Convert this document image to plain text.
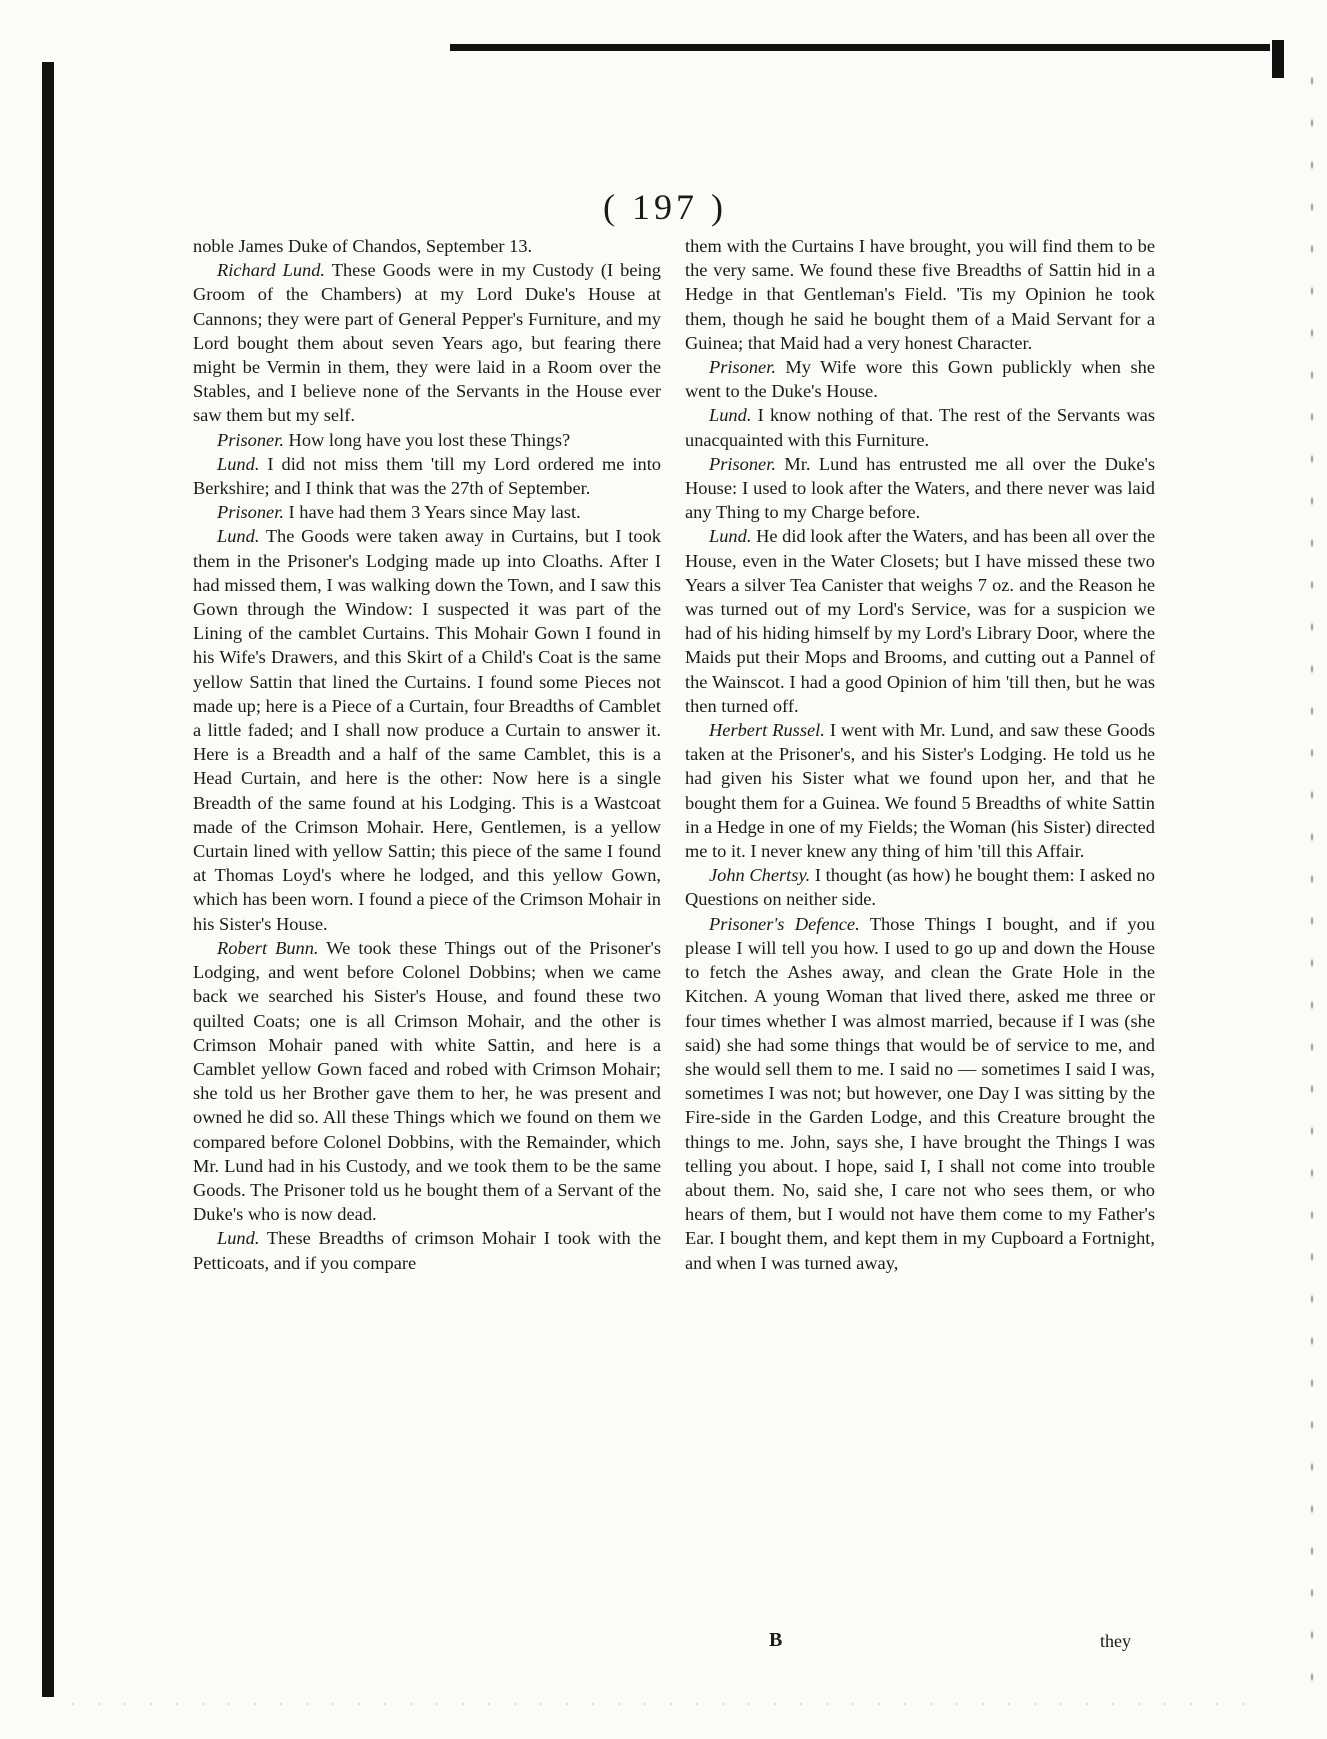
( 197 )

noble James Duke of Chandos, September 13.

Richard Lund. These Goods were in my Custody (I being Groom of the Chambers) at my Lord Duke's House at Cannons; they were part of General Pepper's Furniture, and my Lord bought them about seven Years ago, but fearing there might be Vermin in them, they were laid in a Room over the Stables, and I believe none of the Servants in the House ever saw them but my self.

Prisoner. How long have you lost these Things?

Lund. I did not miss them 'till my Lord ordered me into Berkshire; and I think that was the 27th of September.

Prisoner. I have had them 3 Years since May last.

Lund. The Goods were taken away in Curtains, but I took them in the Prisoner's Lodging made up into Cloaths. After I had missed them, I was walking down the Town, and I saw this Gown through the Window: I suspected it was part of the Lining of the camblet Curtains. This Mohair Gown I found in his Wife's Drawers, and this Skirt of a Child's Coat is the same yellow Sattin that lined the Curtains. I found some Pieces not made up; here is a Piece of a Curtain, four Breadths of Camblet a little faded; and I shall now produce a Curtain to answer it. Here is a Breadth and a half of the same Camblet, this is a Head Curtain, and here is the other: Now here is a single Breadth of the same found at his Lodging. This is a Wastcoat made of the Crimson Mohair. Here, Gentlemen, is a yellow Curtain lined with yellow Sattin; this piece of the same I found at Thomas Loyd's where he lodged, and this yellow Gown, which has been worn. I found a piece of the Crimson Mohair in his Sister's House.

Robert Bunn. We took these Things out of the Prisoner's Lodging, and went before Colonel Dobbins; when we came back we searched his Sister's House, and found these two quilted Coats; one is all Crimson Mohair, and the other is Crimson Mohair paned with white Sattin, and here is a Camblet yellow Gown faced and robed with Crimson Mohair; she told us her Brother gave them to her, he was present and owned he did so. All these Things which we found on them we compared before Colonel Dobbins, with the Remainder, which Mr. Lund had in his Custody, and we took them to be the same Goods. The Prisoner told us he bought them of a Servant of the Duke's who is now dead.

Lund. These Breadths of crimson Mohair I took with the Petticoats, and if you compare

them with the Curtains I have brought, you will find them to be the very same. We found these five Breadths of Sattin hid in a Hedge in that Gentleman's Field. 'Tis my Opinion he took them, though he said he bought them of a Maid Servant for a Guinea; that Maid had a very honest Character.

Prisoner. My Wife wore this Gown publickly when she went to the Duke's House.

Lund. I know nothing of that. The rest of the Servants was unacquainted with this Furniture.

Prisoner. Mr. Lund has entrusted me all over the Duke's House: I used to look after the Waters, and there never was laid any Thing to my Charge before.

Lund. He did look after the Waters, and has been all over the House, even in the Water Closets; but I have missed these two Years a silver Tea Canister that weighs 7 oz. and the Reason he was turned out of my Lord's Service, was for a suspicion we had of his hiding himself by my Lord's Library Door, where the Maids put their Mops and Brooms, and cutting out a Pannel of the Wainscot. I had a good Opinion of him 'till then, but he was then turned off.

Herbert Russel. I went with Mr. Lund, and saw these Goods taken at the Prisoner's, and his Sister's Lodging. He told us he had given his Sister what we found upon her, and that he bought them for a Guinea. We found 5 Breadths of white Sattin in a Hedge in one of my Fields; the Woman (his Sister) directed me to it. I never knew any thing of him 'till this Affair.

John Chertsy. I thought (as how) he bought them: I asked no Questions on neither side.

Prisoner's Defence. Those Things I bought, and if you please I will tell you how. I used to go up and down the House to fetch the Ashes away, and clean the Grate Hole in the Kitchen. A young Woman that lived there, asked me three or four times whether I was almost married, because if I was (she said) she had some things that would be of service to me, and she would sell them to me. I said no — sometimes I said I was, sometimes I was not; but however, one Day I was sitting by the Fire-side in the Garden Lodge, and this Creature brought the things to me. John, says she, I have brought the Things I was telling you about. I hope, said I, I shall not come into trouble about them. No, said she, I care not who sees them, or who hears of them, but I would not have them come to my Father's Ear. I bought them, and kept them in my Cupboard a Fortnight, and when I was turned away,

B	they
